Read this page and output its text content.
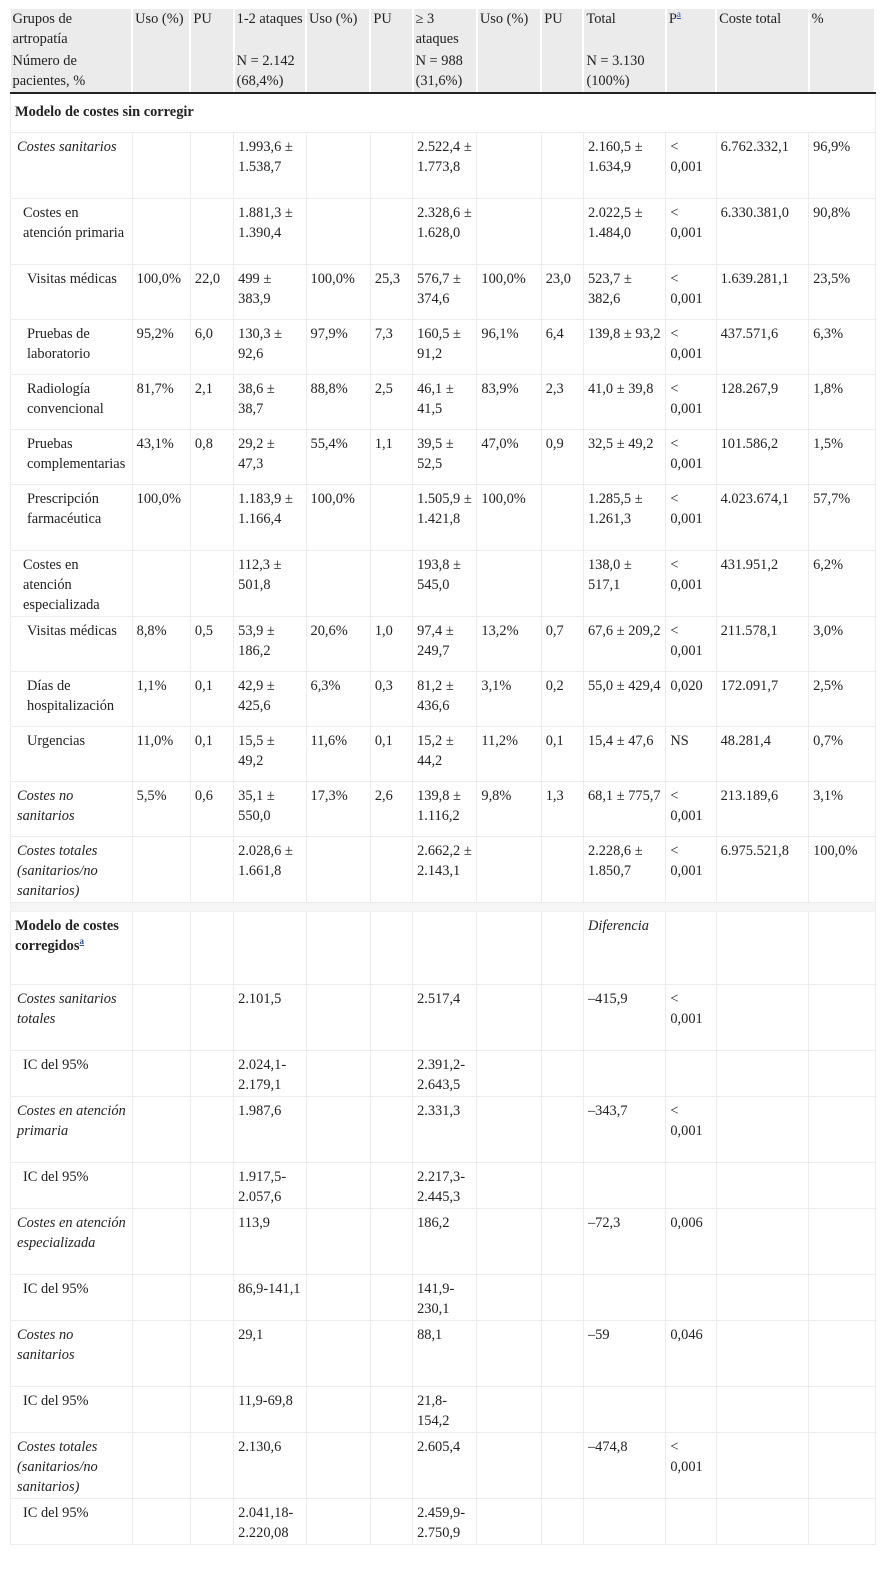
Grupos de artropatía	Uso (%)	PU	1-2 ataques	Uso (%)	PU	≥ 3 ataques	Uso (%)	PU	Total	$P^a$	Coste total	%
Número de pacientes, %			N = 2.142 (68,4%)			N = 988 (31,6%)			N = 3.130 (100%)			
Modelo de costes sin corregir												
Costes sanitarios			1.993,6 ± 1.538,7			2.522,4 ± 1.773,8			2.160,5 ± 1.634,9	< 0,001	6.762.332,1	96,9%
Costes en atención primaria			1.881,3 ± 1.390,4			2.328,6 ± 1.628,0			2.022,5 ± 1.484,0	< 0,001	6.330.381,0	90,8%
Visitas médicas	100,0%	22,0	499 ± 383,9	100,0%	25,3	576,7 ± 374,6	100,0%	23,0	523,7 ± 382,6	< 0,001	1.639.281,1	23,5%
Pruebas de laboratorio	95,2%	6,0	130,3 ± 92,6	97,9%	7,3	160,5 ± 91,2	96,1%	6,4	139,8 ± 93,2	< 0,001	437.571,6	6,3%
Radiología convencional	81,7%	2,1	38,6 ± 38,7	88,8%	2,5	46,1 ± 41,5	83,9%	2,3	41,0 ± 39,8	< 0,001	128.267,9	1,8%
Pruebas complementarias	43,1%	0,8	29,2 ± 47,3	55,4%	1,1	39,5 ± 52,5	47,0%	0,9	32,5 ± 49,2	< 0,001	101.586,2	1,5%
Prescripción farmacéutica	100,0%		1.183,9 ± 1.166,4	100,0%		1.505,9 ± 1.421,8	100,0%		1.285,5 ± 1.261,3	< 0,001	4.023.674,1	57,7%
Costes en atención especializada			112,3 ± 501,8			193,8 ± 545,0			138,0 ± 517,1	< 0,001	431.951,2	6,2%
Visitas médicas	8,8%	0,5	53,9 ± 186,2	20,6%	1,0	97,4 ± 249,7	13,2%	0,7	67,6 ± 209,2	< 0,001	211.578,1	3,0%
Días de hospitalización	1,1%	0,1	42,9 ± 425,6	6,3%	0,3	81,2 ± 436,6	3,1%	0,2	55,0 ± 429,4	0,020	172.091,7	2,5%
Urgencias	11,0%	0,1	15,5 ± 49,2	11,6%	0,1	15,2 ± 44,2	11,2%	0,1	15,4 ± 47,6	NS	48.281,4	0,7%
Costes no sanitarios	5,5%	0,6	35,1 ± 550,0	17,3%	2,6	139,8 ± 1.116,2	9,8%	1,3	68,1 ± 775,7	< 0,001	213.189,6	3,1%
Costes totales (sanitarios/no sanitarios)			2.028,6 ± 1.661,8			2.662,2 ± 2.143,1			2.228,6 ± 1.850,7	< 0,001	6.975.521,8	100,0%

Modelo de costes corregidos$^a$									Diferencia			
Costes sanitarios totales			2.101,5			2.517,4			–415,9	< 0,001		
IC del 95%			2.024,1-2.179,1			2.391,2-2.643,5						
Costes en atención primaria			1.987,6			2.331,3			–343,7	< 0,001		
IC del 95%			1.917,5-2.057,6			2.217,3-2.445,3						
Costes en atención especializada			113,9			186,2			–72,3	0,006		
IC del 95%			86,9-141,1			141,9-230,1						
Costes no sanitarios			29,1			88,1			–59	0,046		
IC del 95%			11,9-69,8			21,8-154,2						
Costes totales (sanitarios/no sanitarios)			2.130,6			2.605,4			–474,8	< 0,001		
IC del 95%			2.041,18-2.220,08			2.459,9-2.750,9						
